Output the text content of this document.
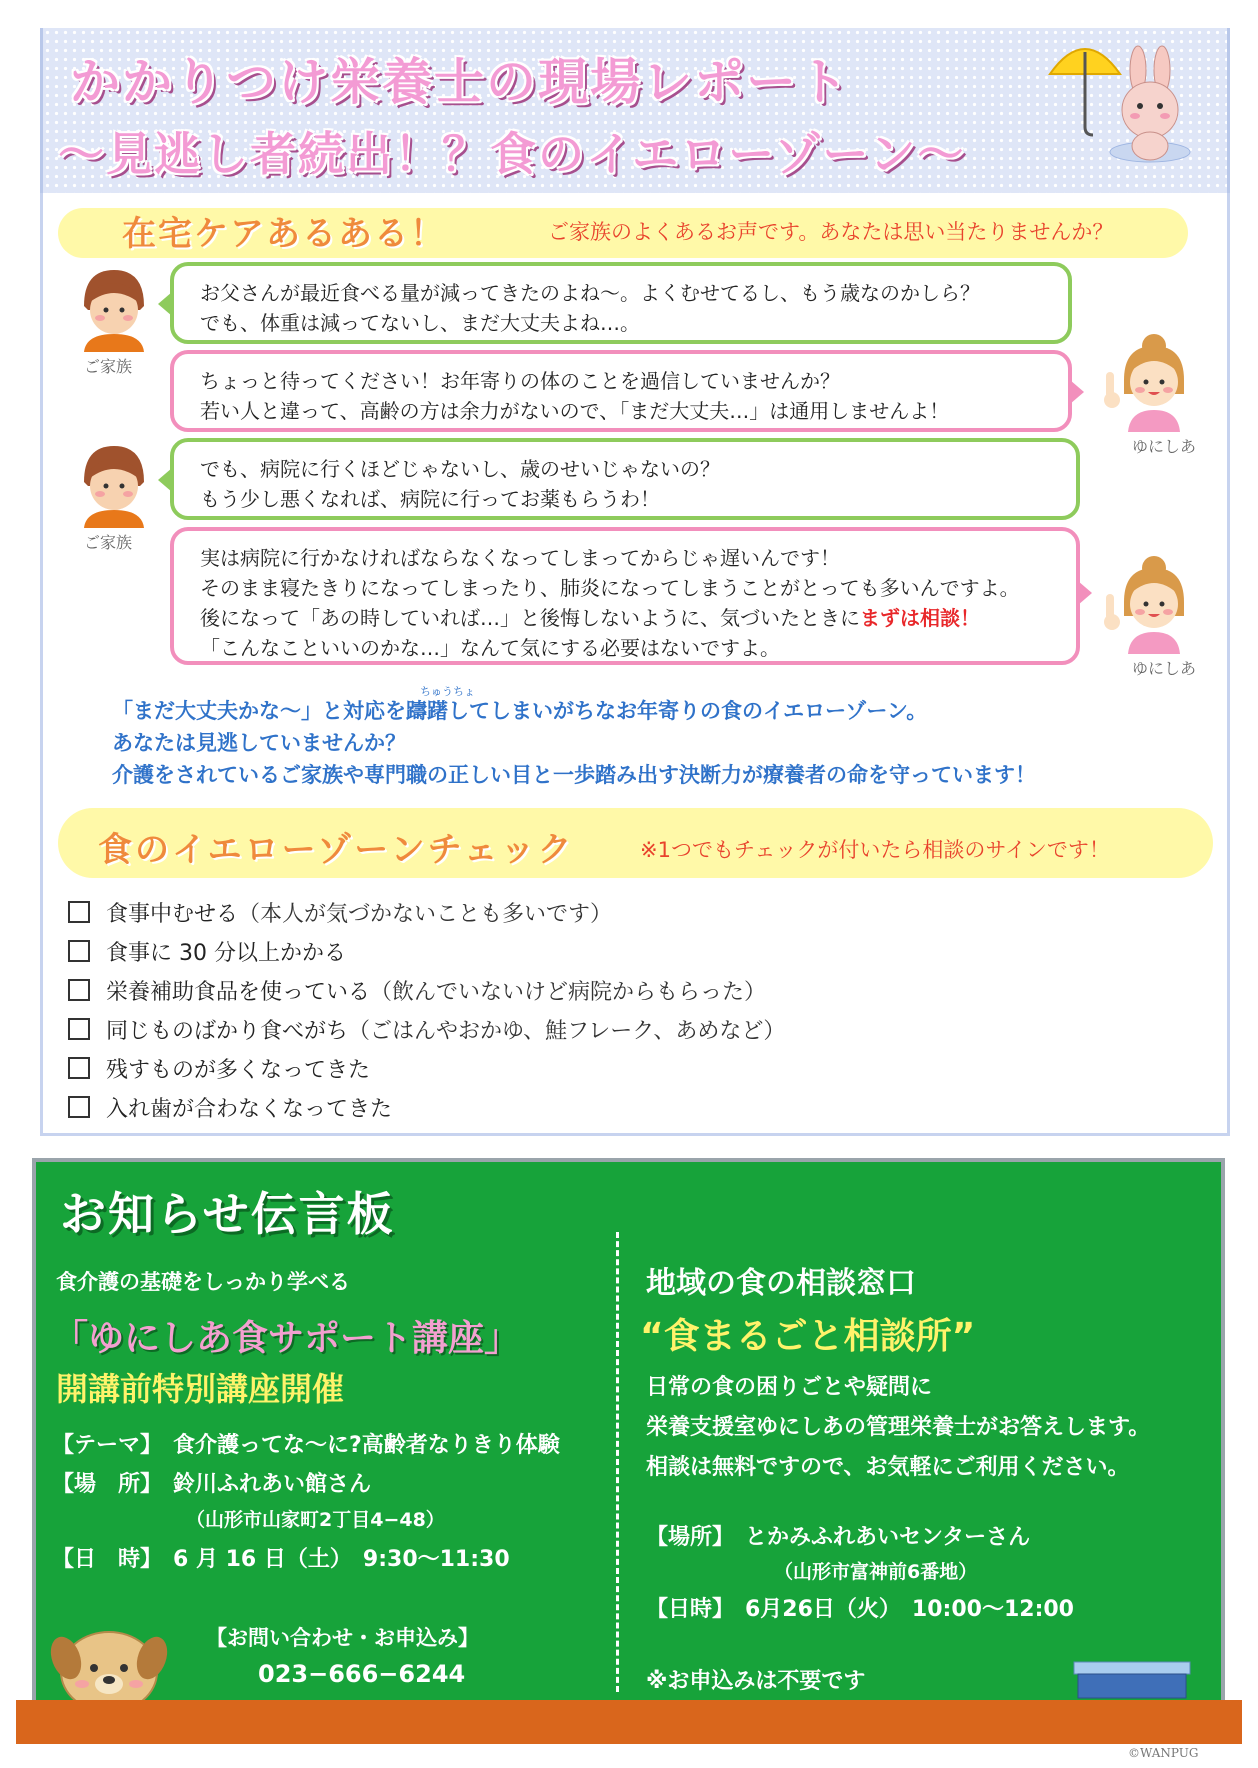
かかりつけ栄養士の現場レポート
～見逃し者続出！？食のイエローゾーン～
在宅ケアあるある！	ご家族のよくあるお声です。あなたは思い当たりませんか？
ご家族
ご家族
ゆにしあ
ゆにしあ
お父さんが最近食べる量が減ってきたのよね～。よくむせてるし、もう歳なのかしら？
でも、体重は減ってないし、まだ大丈夫よね…。
ちょっと待ってください！お年寄りの体のことを過信していませんか？
若い人と違って、高齢の方は余力がないので、「まだ大丈夫…」は通用しませんよ！
でも、病院に行くほどじゃないし、歳のせいじゃないの？
もう少し悪くなれば、病院に行ってお薬もらうわ！
実は病院に行かなければならなくなってしまってからじゃ遅いんです！
そのまま寝たきりになってしまったり、肺炎になってしまうことがとっても多いんですよ。
後になって「あの時していれば…」と後悔しないように、気づいたときにまずは相談！
「こんなこといいのかな…」なんて気にする必要はないですよ。
ちゅうちょ
「まだ大丈夫かな～」と対応を躊躇してしまいがちなお年寄りの食のイエローゾーン。
あなたは見逃していませんか？
介護をされているご家族や専門職の正しい目と一歩踏み出す決断力が療養者の命を守っています！
食のイエローゾーンチェック	※1つでもチェックが付いたら相談のサインです！
食事中むせる（本人が気づかないことも多いです）
食事に 30 分以上かかる
栄養補助食品を使っている（飲んでいないけど病院からもらった）
同じものばかり食べがち（ごはんやおかゆ、鮭フレーク、あめなど）
残すものが多くなってきた
入れ歯が合わなくなってきた
お知らせ伝言板
食介護の基礎をしっかり学べる
「ゆにしあ食サポート講座」
開講前特別講座開催
【テーマ】　食介護ってな～に?高齢者なりきり体験
【場　所】　鈴川ふれあい館さん
（山形市山家町2丁目4−48）
【日　時】　6 月 16 日（土）　9:30～11:30
【お問い合わせ・お申込み】
023−666−6244
地域の食の相談窓口
“食まるごと相談所”
日常の食の困りごとや疑問に
栄養支援室ゆにしあの管理栄養士がお答えします。
相談は無料ですので、お気軽にご利用ください。
【場所】　とかみふれあいセンターさん
（山形市富神前6番地）
【日時】　6月26日（火）　10:00～12:00
※お申込みは不要です
©WANPUG
